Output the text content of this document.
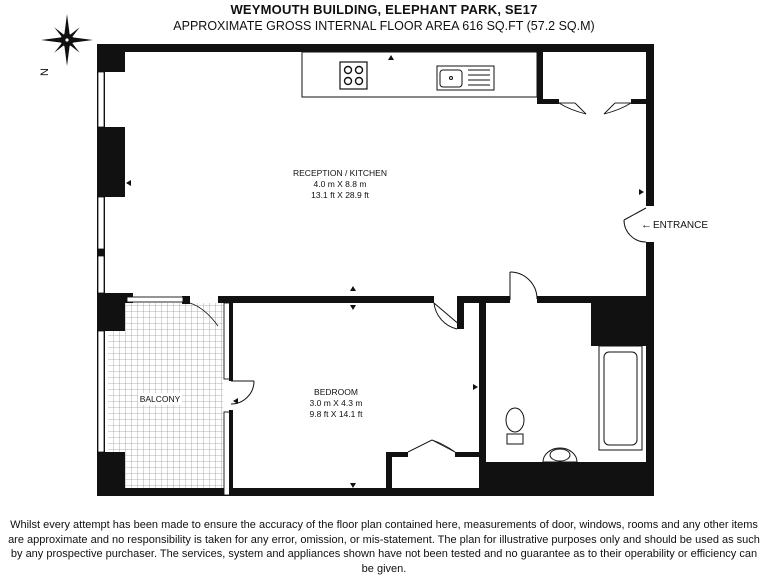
WEYMOUTH BUILDING, ELEPHANT PARK, SE17
APPROXIMATE GROSS INTERNAL FLOOR AREA 616 SQ.FT (57.2 SQ.M)
N
← ENTRANCE
RECEPTION / KITCHEN
4.0 m X 8.8 m
13.1 ft X 28.9 ft
BEDROOM
3.0 m X 4.3 m
9.8 ft X 14.1 ft
BALCONY
Whilst every attempt has been made to ensure the accuracy of the floor plan contained here, measurements of door, windows, rooms and any other items are approximate and no responsibility is taken for any error, omission, or mis-statement. The plan for illustrative purposes only and should be used as such by any prospective purchaser. The services, system and appliances shown have not been tested and no guarantee as to their operability or efficiency can be given.
